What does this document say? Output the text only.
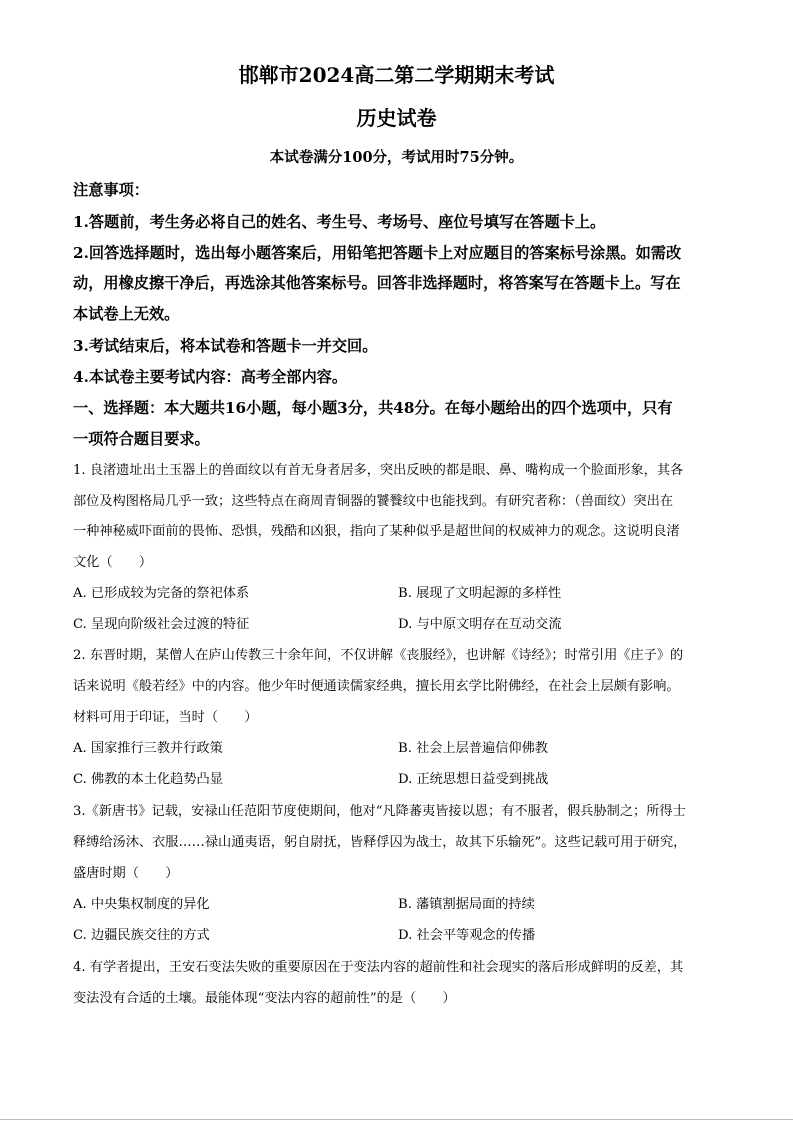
邯郸市2024高二第二学期期末考试
历史试卷
本试卷满分100分，考试用时75分钟。
注意事项：
1.答题前，考生务必将自己的姓名、考生号、考场号、座位号填写在答题卡上。
2.回答选择题时，选出每小题答案后，用铅笔把答题卡上对应题目的答案标号涂黑。如需改
动，用橡皮擦干净后，再选涂其他答案标号。回答非选择题时，将答案写在答题卡上。写在
本试卷上无效。
3.考试结束后，将本试卷和答题卡一并交回。
4.本试卷主要考试内容：高考全部内容。
一、选择题：本大题共16小题，每小题3分，共48分。在每小题给出的四个选项中，只有
一项符合题目要求。
1. 良渚遗址出土玉器上的兽面纹以有首无身者居多，突出反映的都是眼、鼻、嘴构成一个脸面形象，其各
部位及构图格局几乎一致；这些特点在商周青铜器的饕餮纹中也能找到。有研究者称：（兽面纹）突出在
一种神秘威吓面前的畏怖、恐惧，残酷和凶狠，指向了某种似乎是超世间的权威神力的观念。这说明良渚
文化（　　）
A. 已形成较为完备的祭祀体系	B. 展现了文明起源的多样性
C. 呈现向阶级社会过渡的特征	D. 与中原文明存在互动交流
2. 东晋时期，某僧人在庐山传教三十余年间，不仅讲解《丧服经》，也讲解《诗经》；时常引用《庄子》的
话来说明《般若经》中的内容。他少年时便通读儒家经典，擅长用玄学比附佛经，在社会上层颇有影响。
材料可用于印证，当时（　　）
A. 国家推行三教并行政策	B. 社会上层普遍信仰佛教
C. 佛教的本土化趋势凸显	D. 正统思想日益受到挑战
3.《新唐书》记载，安禄山任范阳节度使期间，他对“凡降蕃夷皆接以恩；有不服者，假兵胁制之；所得士
释缚给汤沐、衣服……禄山通夷语，躬自尉抚，皆释俘囚为战士，故其下乐输死”。这些记载可用于研究，
盛唐时期（　　）
A. 中央集权制度的异化	B. 藩镇割据局面的持续
C. 边疆民族交往的方式	D. 社会平等观念的传播
4. 有学者提出，王安石变法失败的重要原因在于变法内容的超前性和社会现实的落后形成鲜明的反差，其
变法没有合适的土壤。最能体现“变法内容的超前性”的是（　　）
